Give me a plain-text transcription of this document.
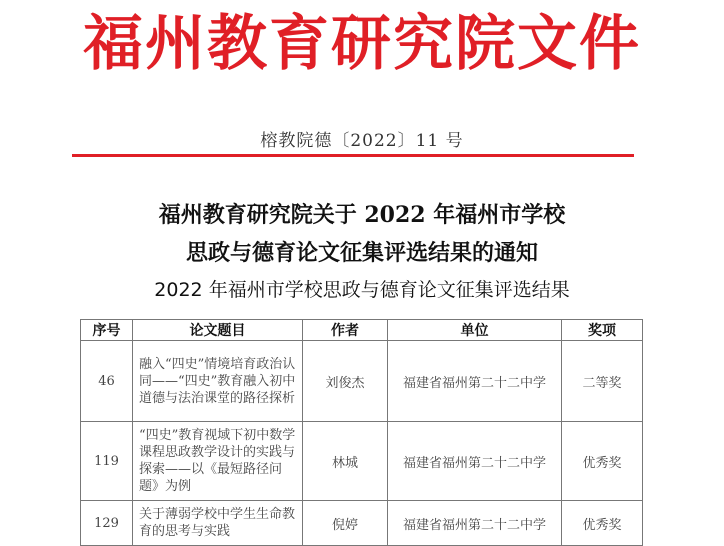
福州教育研究院文件
榕教院德〔2022〕11 号
福州教育研究院关于 2022 年福州市学校
思政与德育论文征集评选结果的通知
2022 年福州市学校思政与德育论文征集评选结果
序号	论文题目	作者	单位	奖项
46	融入“四史”情境培育政治认同——“四史”教育融入初中道德与法治课堂的路径探析	刘俊杰	福建省福州第二十二中学	二等奖
119	“四史”教育视域下初中数学课程思政教学设计的实践与探索——以《最短路径问题》为例	林城	福建省福州第二十二中学	优秀奖
129	关于薄弱学校中学生生命教育的思考与实践	倪婷	福建省福州第二十二中学	优秀奖
